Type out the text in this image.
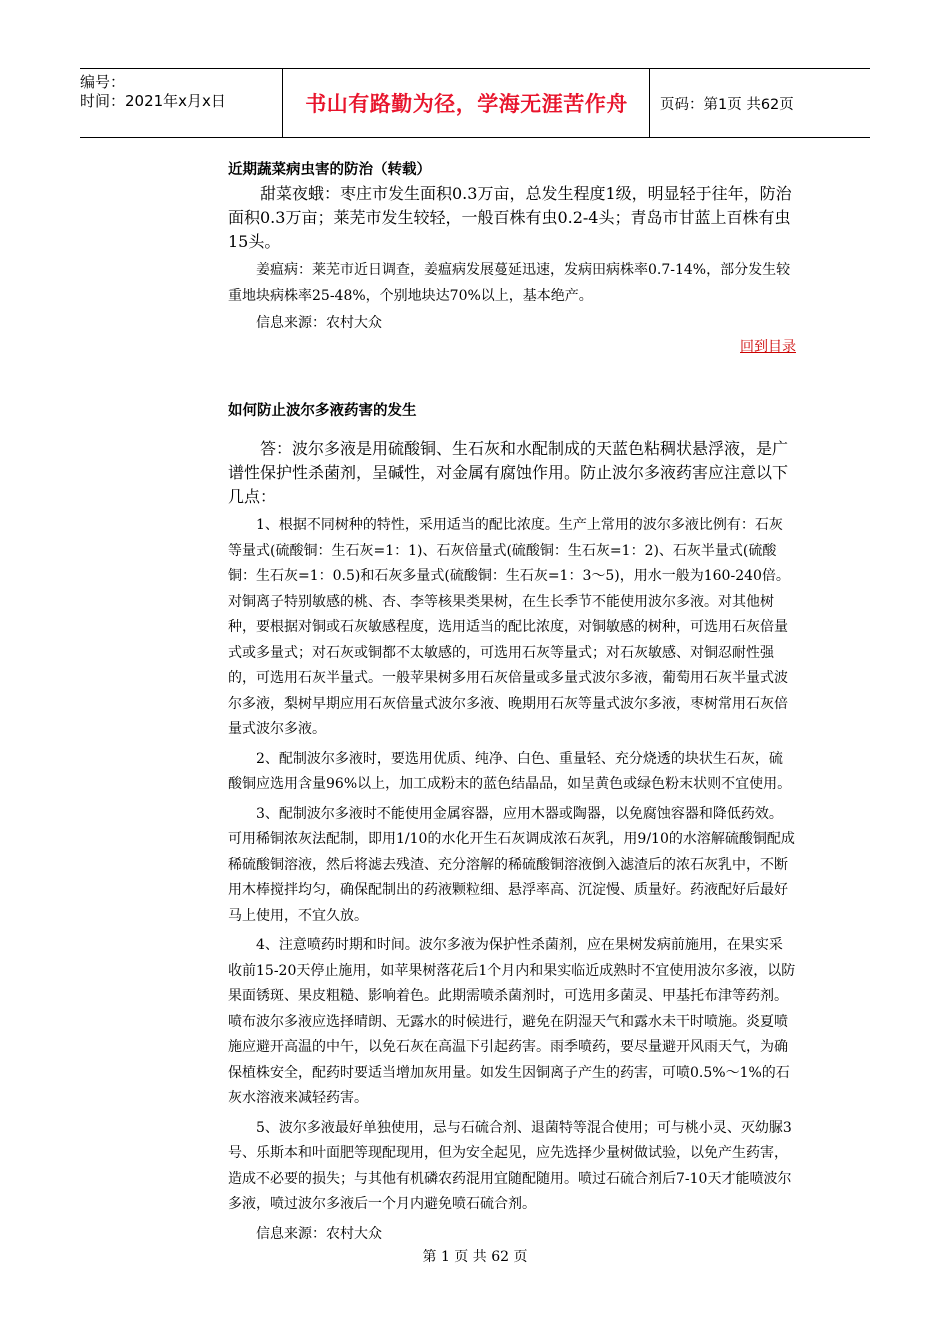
编号：
时间：2021年x月x日	书山有路勤为径，学海无涯苦作舟	页码：第1页 共62页
近期蔬菜病虫害的防治（转载）

甜菜夜蛾：枣庄市发生面积0.3万亩，总发生程度1级，明显轻于往年，防治面积0.3万亩；莱芜市发生较轻，一般百株有虫0.2-4头；青岛市甘蓝上百株有虫15头。

姜瘟病：莱芜市近日调查，姜瘟病发展蔓延迅速，发病田病株率0.7-14%，部分发生较重地块病株率25-48%，个别地块达70%以上，基本绝产。

信息来源：农村大众

回到目录
如何防止波尔多液药害的发生

答：波尔多液是用硫酸铜、生石灰和水配制成的天蓝色粘稠状悬浮液，是广谱性保护性杀菌剂，呈碱性，对金属有腐蚀作用。防止波尔多液药害应注意以下几点：

1、根据不同树种的特性，采用适当的配比浓度。生产上常用的波尔多液比例有：石灰等量式(硫酸铜：生石灰=1：1)、石灰倍量式(硫酸铜：生石灰=1：2)、石灰半量式(硫酸铜：生石灰=1：0.5)和石灰多量式(硫酸铜：生石灰=1：3～5)，用水一般为160-240倍。对铜离子特别敏感的桃、杏、李等核果类果树，在生长季节不能使用波尔多液。对其他树种，要根据对铜或石灰敏感程度，选用适当的配比浓度，对铜敏感的树种，可选用石灰倍量式或多量式；对石灰或铜都不太敏感的，可选用石灰等量式；对石灰敏感、对铜忍耐性强的，可选用石灰半量式。一般苹果树多用石灰倍量或多量式波尔多液，葡萄用石灰半量式波尔多液，梨树早期应用石灰倍量式波尔多液、晚期用石灰等量式波尔多液，枣树常用石灰倍量式波尔多液。

2、配制波尔多液时，要选用优质、纯净、白色、重量轻、充分烧透的块状生石灰，硫酸铜应选用含量96%以上，加工成粉末的蓝色结晶品，如呈黄色或绿色粉末状则不宜使用。

3、配制波尔多液时不能使用金属容器，应用木器或陶器，以免腐蚀容器和降低药效。可用稀铜浓灰法配制，即用1/10的水化开生石灰调成浓石灰乳，用9/10的水溶解硫酸铜配成稀硫酸铜溶液，然后将滤去残渣、充分溶解的稀硫酸铜溶液倒入滤渣后的浓石灰乳中，不断用木棒搅拌均匀，确保配制出的药液颗粒细、悬浮率高、沉淀慢、质量好。药液配好后最好马上使用，不宜久放。

4、注意喷药时期和时间。波尔多液为保护性杀菌剂，应在果树发病前施用，在果实采收前15-20天停止施用，如苹果树落花后1个月内和果实临近成熟时不宜使用波尔多液，以防果面锈斑、果皮粗糙、影响着色。此期需喷杀菌剂时，可选用多菌灵、甲基托布津等药剂。喷布波尔多液应选择晴朗、无露水的时候进行，避免在阴湿天气和露水未干时喷施。炎夏喷施应避开高温的中午，以免石灰在高温下引起药害。雨季喷药，要尽量避开风雨天气，为确保植株安全，配药时要适当增加灰用量。如发生因铜离子产生的药害，可喷0.5%～1%的石灰水溶液来减轻药害。

5、波尔多液最好单独使用，忌与石硫合剂、退菌特等混合使用；可与桃小灵、灭幼脲3号、乐斯本和叶面肥等现配现用，但为安全起见，应先选择少量树做试验，以免产生药害，造成不必要的损失；与其他有机磷农药混用宜随配随用。喷过石硫合剂后7-10天才能喷波尔多液，喷过波尔多液后一个月内避免喷石硫合剂。

信息来源：农村大众

第 1 页 共 62 页
